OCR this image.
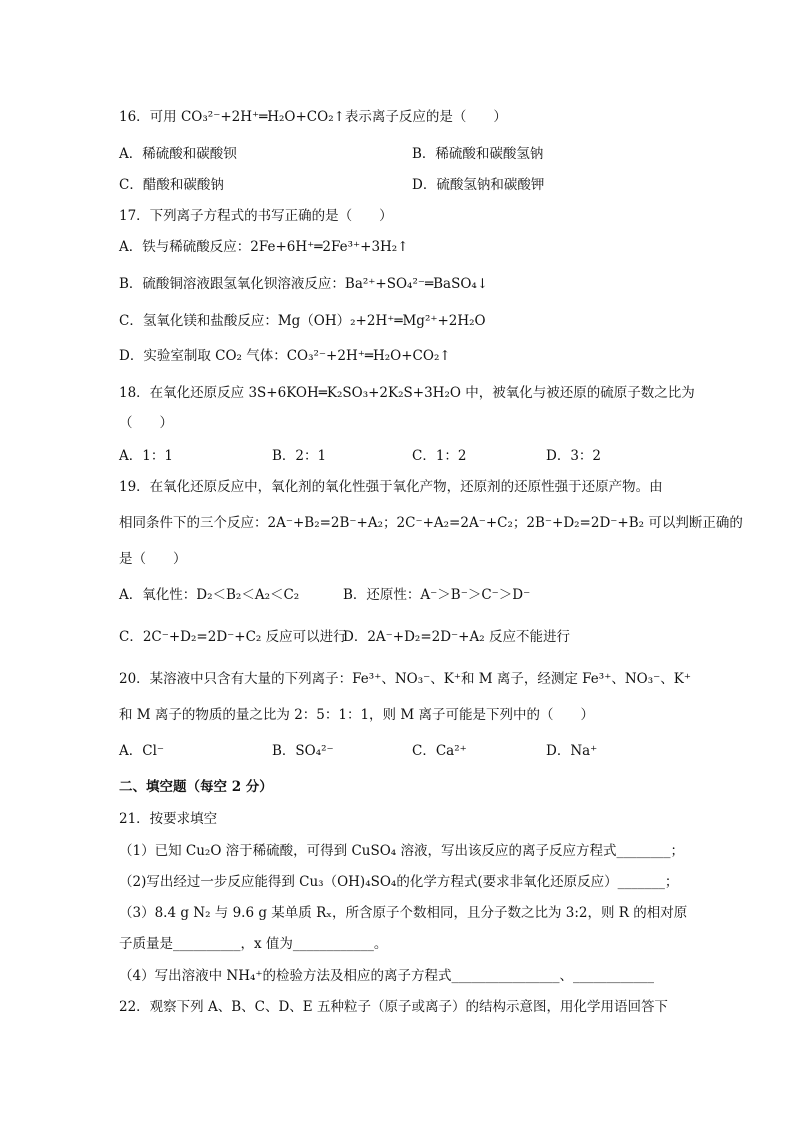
16．可用 CO₃²⁻+2H⁺═H₂O+CO₂↑表示离子反应的是（　　）
A．稀硫酸和碳酸钡	B．稀硫酸和碳酸氢钠
C．醋酸和碳酸钠	D．硫酸氢钠和碳酸钾
17．下列离子方程式的书写正确的是（　　）
A．铁与稀硫酸反应：2Fe+6H⁺═2Fe³⁺+3H₂↑
B．硫酸铜溶液跟氢氧化钡溶液反应：Ba²⁺+SO₄²⁻═BaSO₄↓
C．氢氧化镁和盐酸反应：Mg（OH）₂+2H⁺═Mg²⁺+2H₂O
D．实验室制取 CO₂ 气体：CO₃²⁻+2H⁺═H₂O+CO₂↑
18．在氧化还原反应 3S+6KOH═K₂SO₃+2K₂S+3H₂O 中，被氧化与被还原的硫原子数之比为
（　　）
A．1：1	B．2：1	C．1：2	D．3：2
19．在氧化还原反应中，氧化剂的氧化性强于氧化产物，还原剂的还原性强于还原产物。由
相同条件下的三个反应：2A⁻+B₂=2B⁻+A₂；2C⁻+A₂=2A⁻+C₂；2B⁻+D₂=2D⁻+B₂ 可以判断正确的
是（　　）
A．氧化性：D₂＜B₂＜A₂＜C₂	B．还原性：A⁻＞B⁻＞C⁻＞D⁻
C．2C⁻+D₂=2D⁻+C₂ 反应可以进行
D．2A⁻+D₂=2D⁻+A₂ 反应不能进行
20．某溶液中只含有大量的下列离子：Fe³⁺、NO₃⁻、K⁺和 M 离子，经测定 Fe³⁺、NO₃⁻、K⁺
和 M 离子的物质的量之比为 2：5：1：1，则 M 离子可能是下列中的（　　）
A．Cl⁻	B．SO₄²⁻	C．Ca²⁺	D．Na⁺
二、填空题（每空 2 分）
21．按要求填空
（1）已知 Cu₂O 溶于稀硫酸，可得到 CuSO₄ 溶液，写出该反应的离子反应方程式________；
（2)写出经过一步反应能得到 Cu₃（OH)₄SO₄的化学方程式(要求非氧化还原反应）_______；
（3）8.4 g N₂ 与 9.6 g 某单质 Rₓ，所含原子个数相同，且分子数之比为 3:2，则 R 的相对原
子质量是__________，x 值为____________。
（4）写出溶液中 NH₄⁺的检验方法及相应的离子方程式________________、____________
22．观察下列 A、B、C、D、E 五种粒子（原子或离子）的结构示意图，用化学用语回答下
